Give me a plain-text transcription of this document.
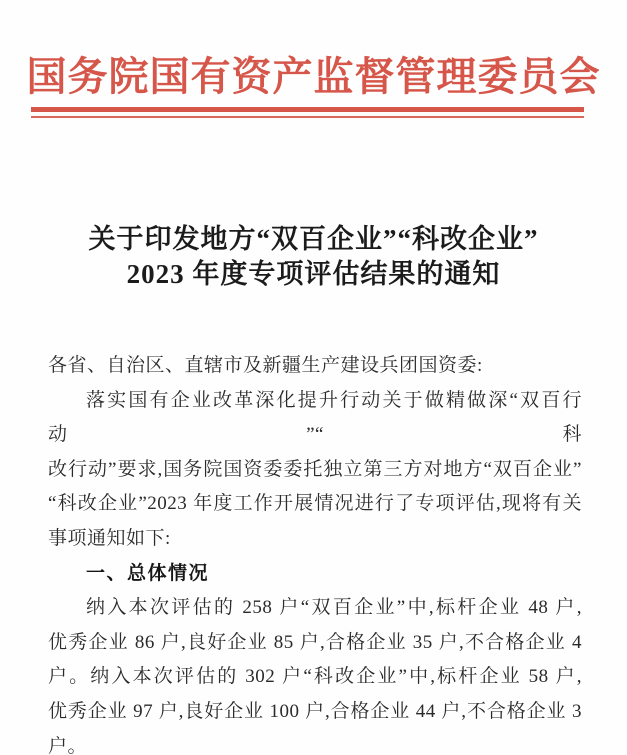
国务院国有资产监督管理委员会
关于印发地方“双百企业”“科改企业”
2023 年度专项评估结果的通知

各省、自治区、直辖市及新疆生产建设兵团国资委:

落实国有企业改革深化提升行动关于做精做深“双百行动”“科

改行动”要求,国务院国资委委托独立第三方对地方“双百企业”

“科改企业”2023 年度工作开展情况进行了专项评估,现将有关

事项通知如下:

一、总体情况

纳入本次评估的 258 户“双百企业”中,标杆企业 48 户,

优秀企业 86 户,良好企业 85 户,合格企业 35 户,不合格企业 4

户。纳入本次评估的 302 户“科改企业”中,标杆企业 58 户,

优秀企业 97 户,良好企业 100 户,合格企业 44 户,不合格企业 3

户。
